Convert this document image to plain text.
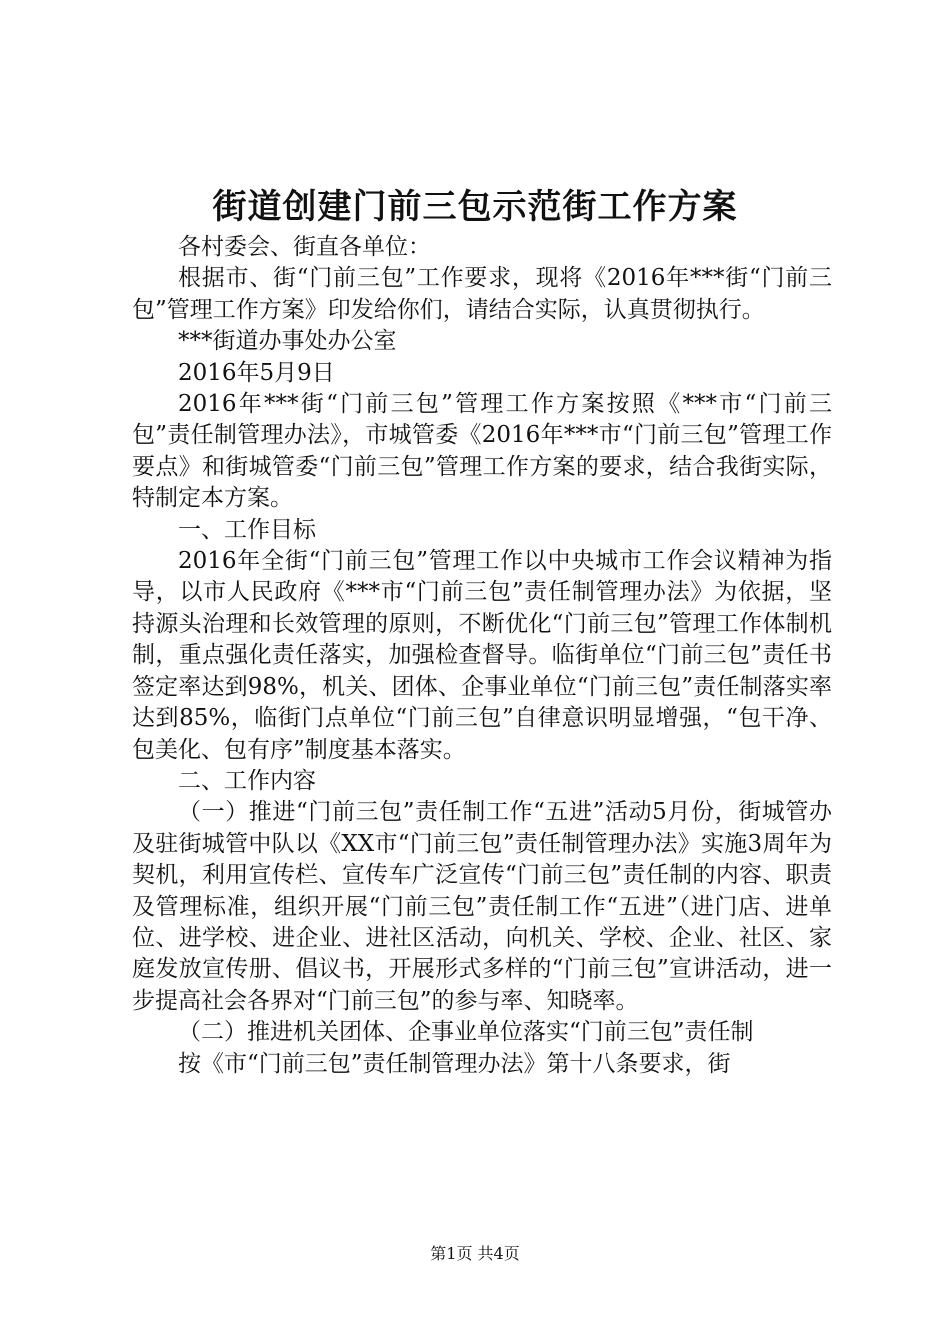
街道创建门前三包示范街工作方案

各村委会、街直各单位：

根据市、街“门前三包”工作要求，现将《2016年***街“门前三包”管理工作方案》印发给你们，请结合实际，认真贯彻执行。

***街道办事处办公室

2016年5月9日

2016年***街“门前三包”管理工作方案按照《***市“门前三包”责任制管理办法》，市城管委《2016年***市“门前三包”管理工作要点》和街城管委“门前三包”管理工作方案的要求，结合我街实际，特制定本方案。

一、工作目标

2016年全街“门前三包”管理工作以中央城市工作会议精神为指导，以市人民政府《***市“门前三包”责任制管理办法》为依据，坚持源头治理和长效管理的原则，不断优化“门前三包”管理工作体制机制，重点强化责任落实，加强检查督导。临街单位“门前三包”责任书签定率达到98%，机关、团体、企事业单位“门前三包”责任制落实率达到85%，临街门点单位“门前三包”自律意识明显增强，“包干净、包美化、包有序”制度基本落实。

二、工作内容

（一）推进“门前三包”责任制工作“五进”活动5月份，街城管办及驻街城管中队以《XX市“门前三包”责任制管理办法》实施3周年为契机，利用宣传栏、宣传车广泛宣传“门前三包”责任制的内容、职责及管理标准，组织开展“门前三包”责任制工作“五进”（进门店、进单位、进学校、进企业、进社区活动，向机关、学校、企业、社区、家庭发放宣传册、倡议书，开展形式多样的“门前三包”宣讲活动，进一步提高社会各界对“门前三包”的参与率、知晓率。

（二）推进机关团体、企事业单位落实“门前三包”责任制

按《市“门前三包”责任制管理办法》第十八条要求，街

第1页 共4页
